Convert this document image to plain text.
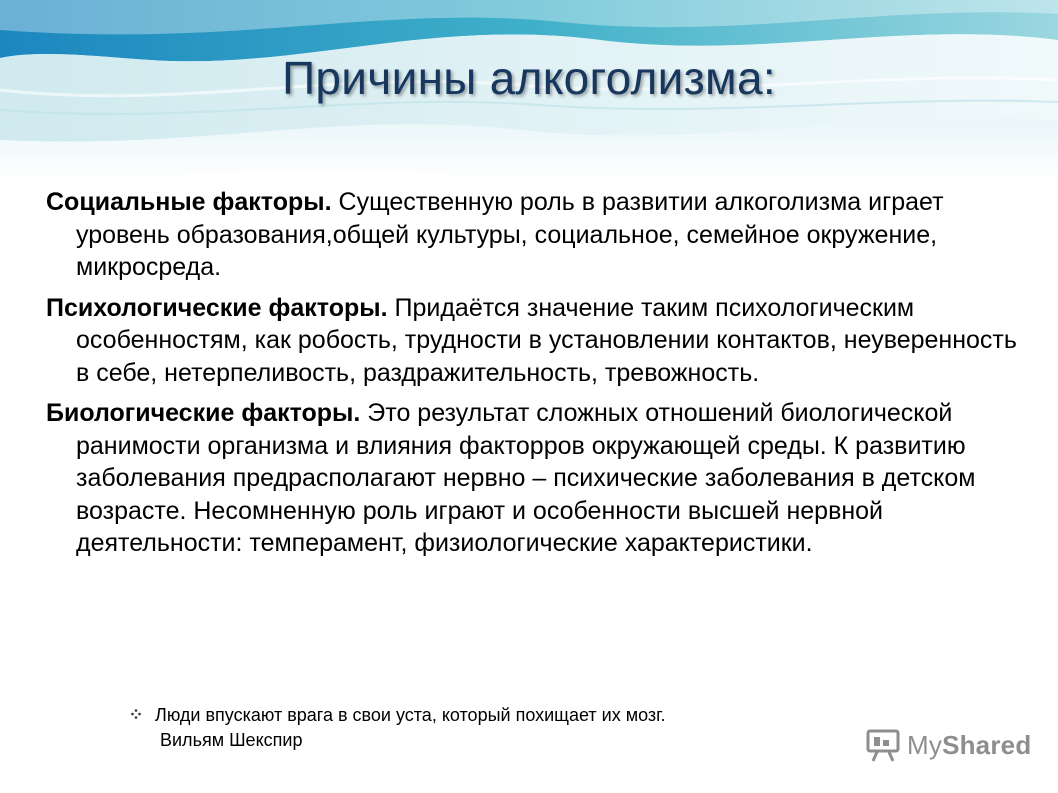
Причины алкоголизма:

Социальные факторы. Существенную роль в развитии алкоголизма играет уровень образования,общей культуры, социальное, семейное окружение, микросреда.

Психологические факторы. Придаётся значение таким психологическим особенностям, как робость, трудности в установлении контактов, неуверенность в себе, нетерпеливость, раздражительность, тревожность.

Биологические факторы. Это результат сложных отношений биологической ранимости организма и влияния факторров окружающей среды. К развитию заболевания предрасполагают нервно – психические заболевания в детском возрасте. Несомненную роль играют и особенности высшей нервной деятельности: темперамент, физиологические характеристики.

Люди впускают врага в свои уста, который похищает их мозг.
Вильям Шекспир	My Shared
